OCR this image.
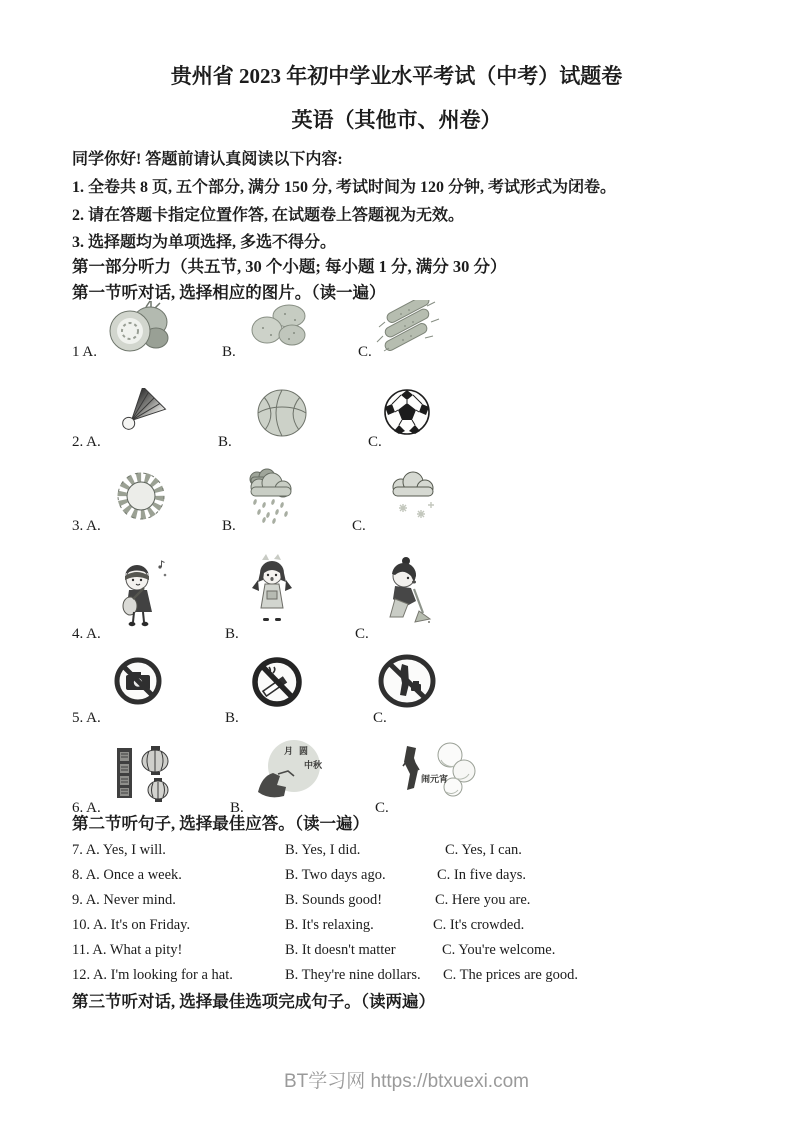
贵州省 2023 年初中学业水平考试（中考）试题卷
英语（其他市、州卷）
同学你好! 答题前请认真阅读以下内容:
1. 全卷共 8 页, 五个部分, 满分 150 分, 考试时间为 120 分钟, 考试形式为闭卷。
2. 请在答题卡指定位置作答, 在试题卷上答题视为无效。
3. 选择题均为单项选择, 多选不得分。
第一部分听力（共五节, 30 个小题; 每小题 1 分, 满分 30 分）
第一节听对话, 选择相应的图片。（读一遍）
1 A.	B.	C.
2. A.	B.	C.
3. A.	B.	C.
4. A.	B.	C.
5. A.	B.	C.
6. A.	B.	C.
月圆
中秋
闹元宵
第二节听句子, 选择最佳应答。（读一遍）
7. A. Yes, I will.	B. Yes, I did.	C. Yes, I can.
8. A. Once a week.	B. Two days ago.	C. In five days.
9. A. Never mind.	B. Sounds good!	C. Here you are.
10. A. It's on Friday.	B. It's relaxing.	C. It's crowded.
11. A. What a pity!	B. It doesn't matter	C. You're welcome.
12. A. I'm looking for a hat.	B. They're nine dollars. C. The prices are good.
第三节听对话, 选择最佳选项完成句子。（读两遍）
BT学习网 https://btxuexi.com
